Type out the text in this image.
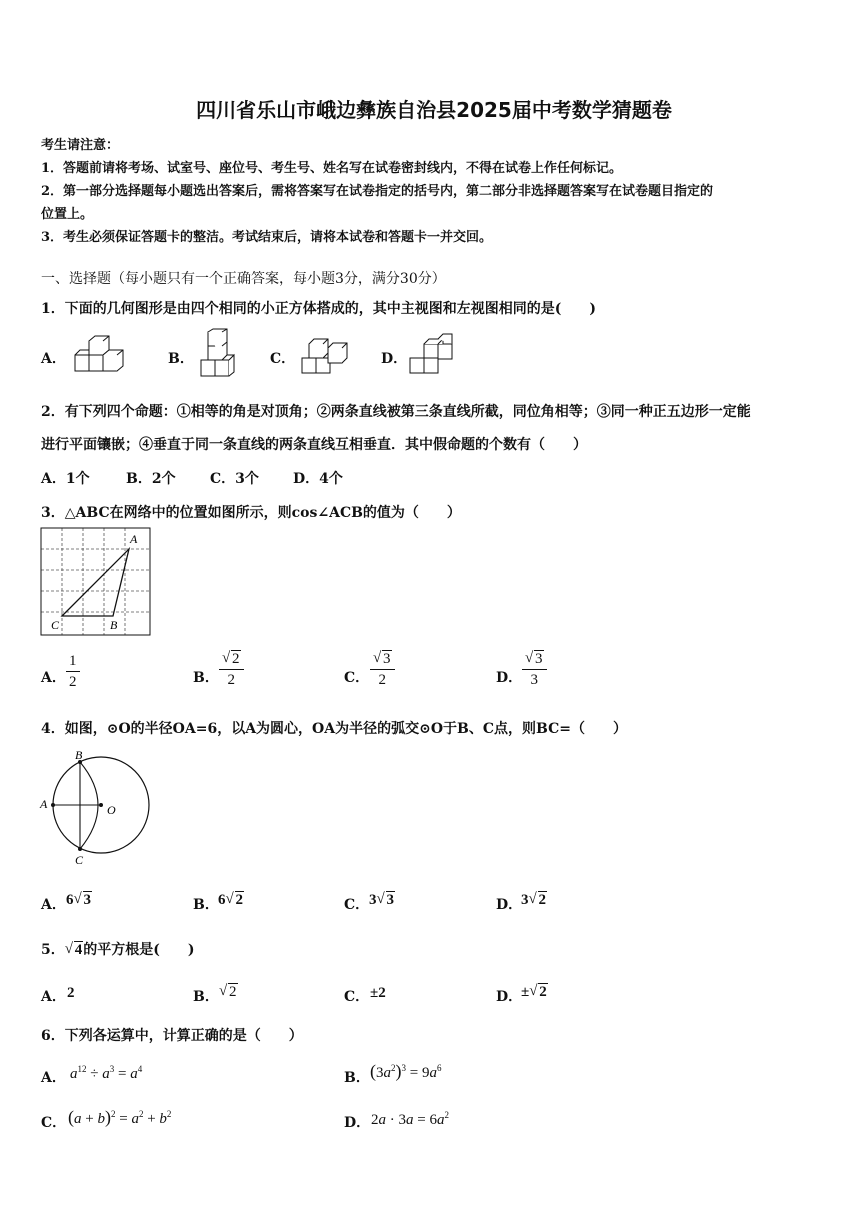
四川省乐山市峨边彝族自治县2025届中考数学猜题卷
考生请注意：
1．答题前请将考场、试室号、座位号、考生号、姓名写在试卷密封线内，不得在试卷上作任何标记。
2．第一部分选择题每小题选出答案后，需将答案写在试卷指定的括号内，第二部分非选择题答案写在试卷题目指定的
位置上。
3．考生必须保证答题卡的整洁。考试结束后，请将本试卷和答题卡一并交回。
一、选择题（每小题只有一个正确答案，每小题3分，满分30分）
1．下面的几何图形是由四个相同的小正方体搭成的，其中主视图和左视图相同的是(　　)
A．	B．	C．	D．
2．有下列四个命题：①相等的角是对顶角；②两条直线被第三条直线所截，同位角相等；③同一种正五边形一定能
进行平面镶嵌；④垂直于同一条直线的两条直线互相垂直．其中假命题的个数有（　　）
A．1个	B．2个 C．3个 D．4个
3．△ABC在网络中的位置如图所示，则cos∠ACB的值为（　　）
A
B
C
A． $\frac{1}{2}$	B． √ $\frac{2}{2}$	C． √ $\frac{3}{2}$	D． √ $\frac{3}{3}$
4．如图，⊙O的半径OA=6，以A为圆心，OA为半径的弧交⊙O于B、C点，则BC=（　　）
B
A	O
C
A． 6 √ 3	B． 6 √ 2	C． 3 √ 3	D．
3 √ 2
5． √ 4的平方根是(　　)
A． 2	B． √ 2	C． ±2	D．
± √ 2
6．下列各运算中，计算正确的是（　　）
A． $a^{12} \div a^3 = a^4$
B． $(3a^2)^3 = 9a^6$
C． $(a + b)^2 = a^2 + b^2$
D． $2a \cdot 3a = 6a^2$
